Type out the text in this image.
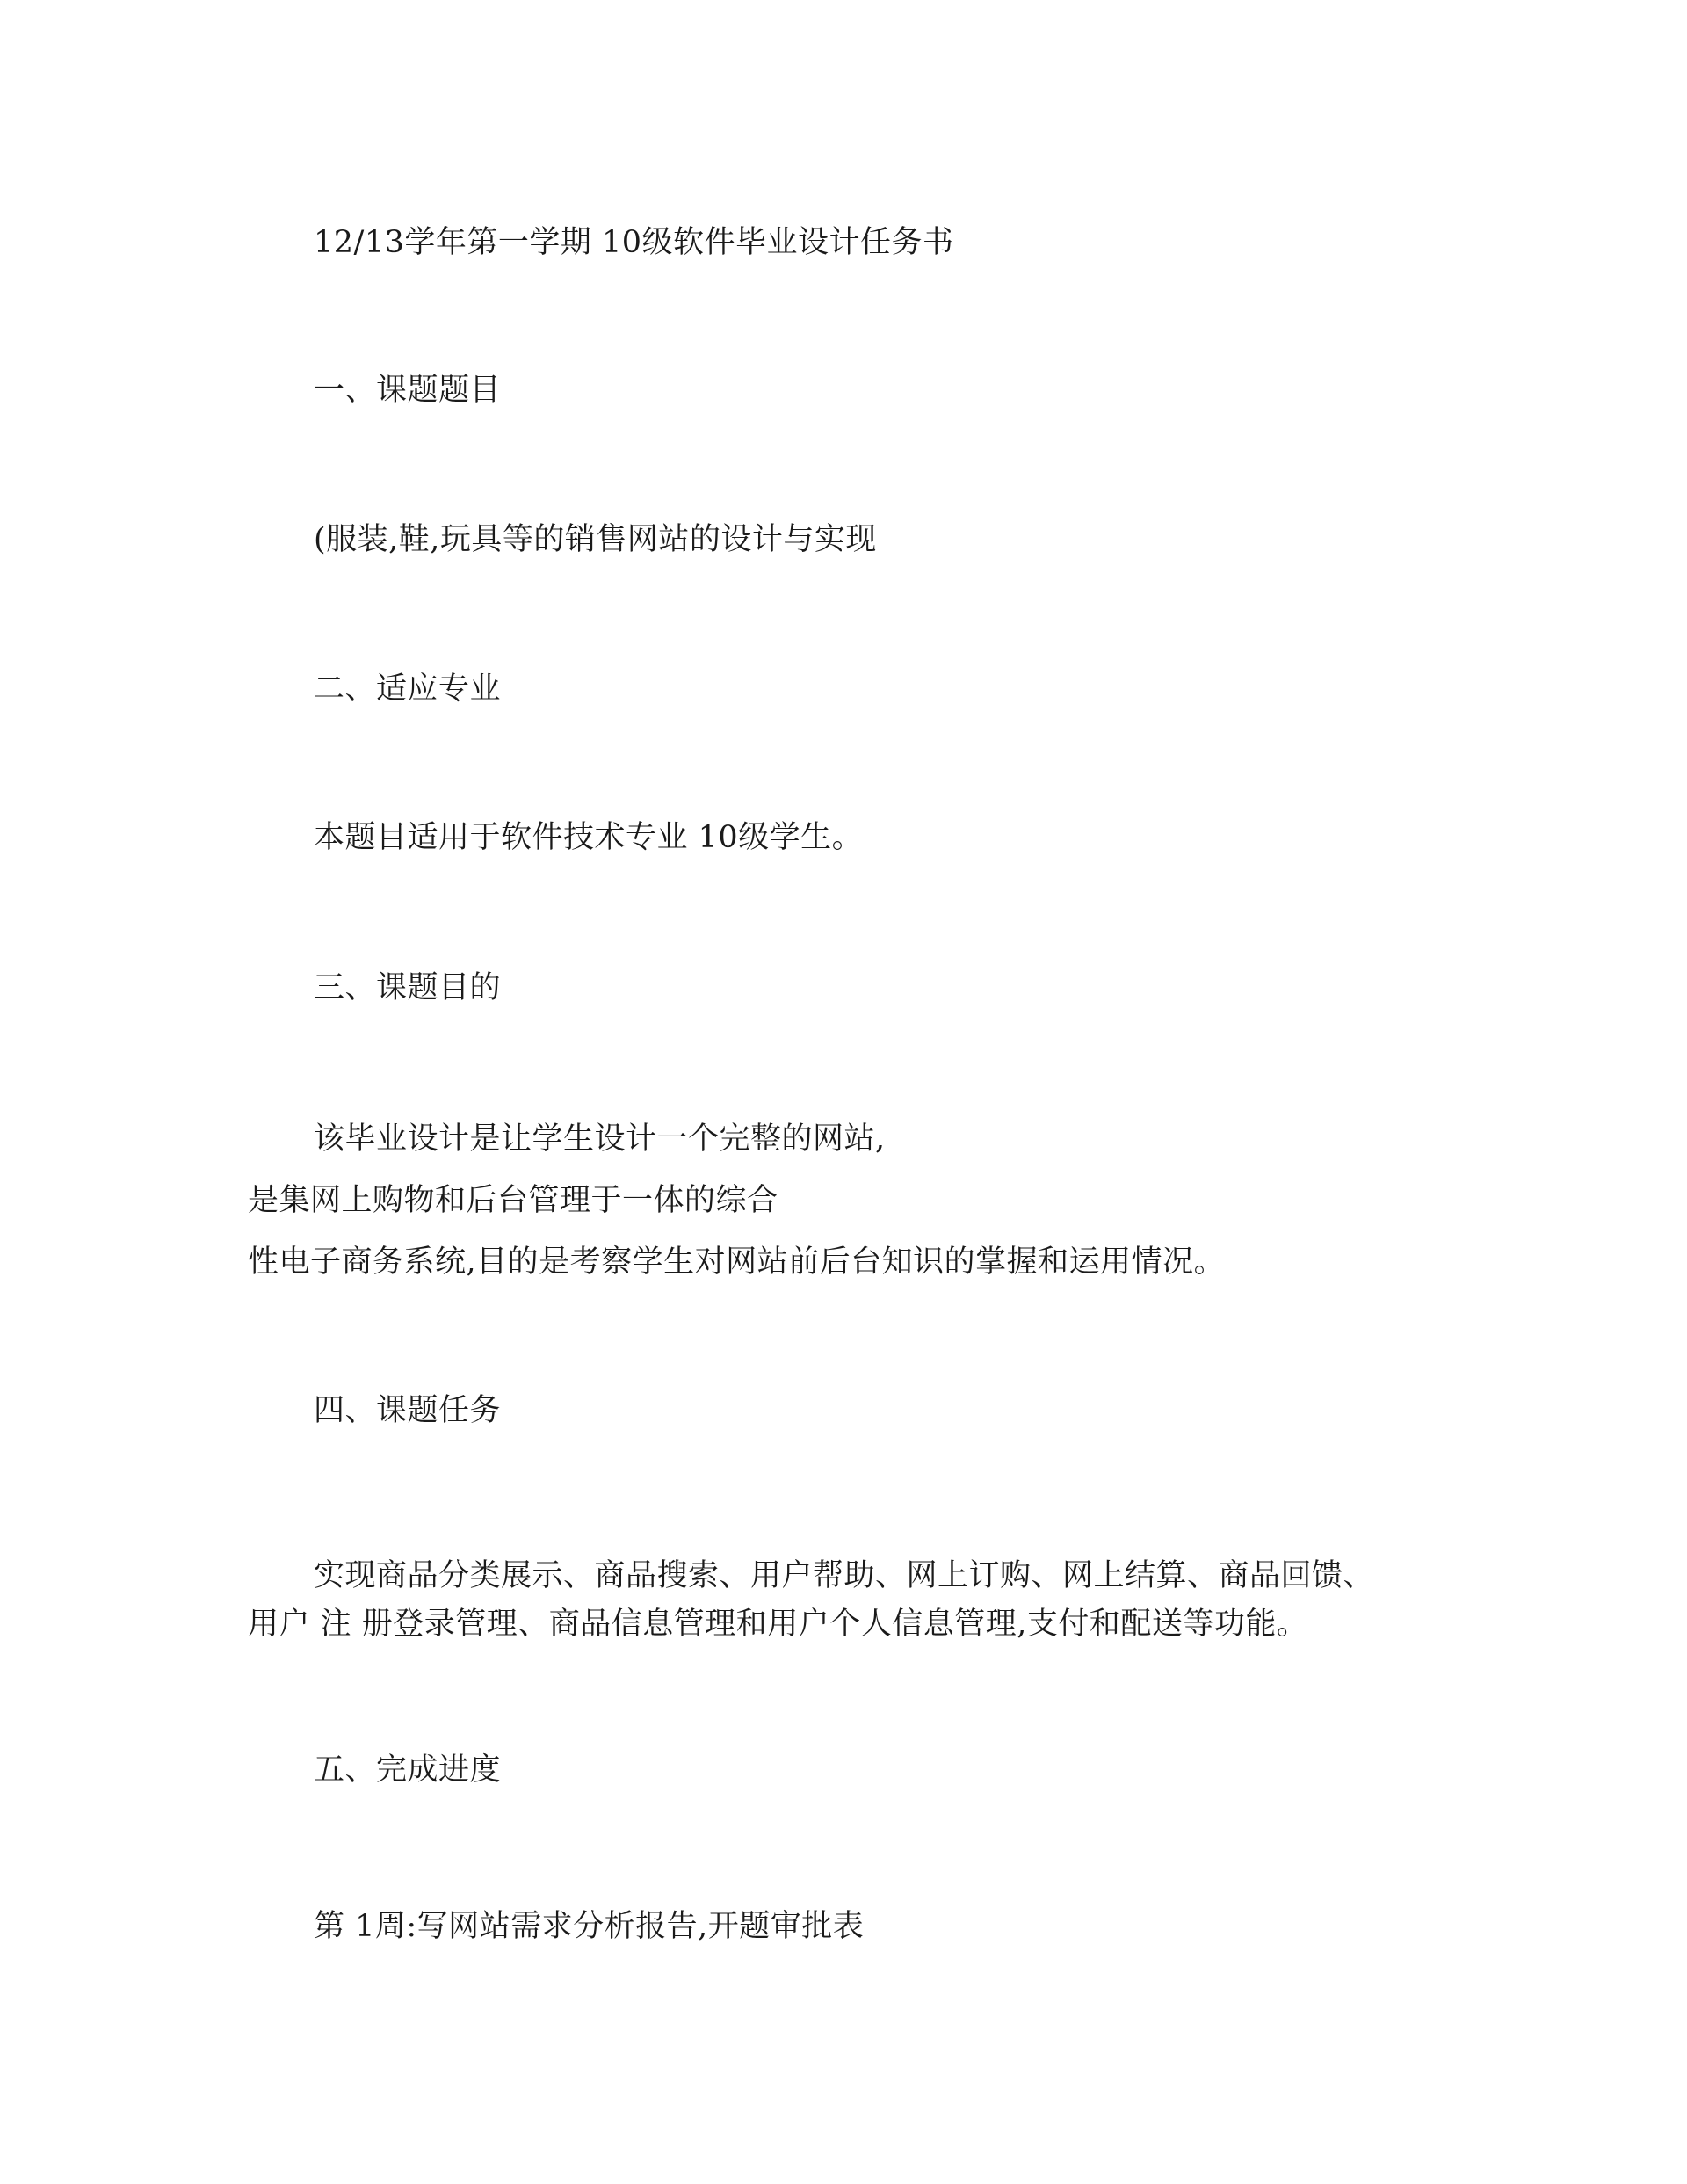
12/13学年第一学期 10级软件毕业设计任务书
一、课题题目
(服装,鞋,玩具等的销售网站的设计与实现
二、适应专业
本题目适用于软件技术专业 10级学生。
三、课题目的
该毕业设计是让学生设计一个完整的网站,
是集网上购物和后台管理于一体的综合
性电子商务系统,目的是考察学生对网站前后台知识的掌握和运用情况。
四、课题任务
实现商品分类展示、商品搜索、用户帮助、网上订购、网上结算、商品回馈、
用户 注 册登录管理、商品信息管理和用户个人信息管理,支付和配送等功能。
五、完成进度
第 1周:写网站需求分析报告,开题审批表
